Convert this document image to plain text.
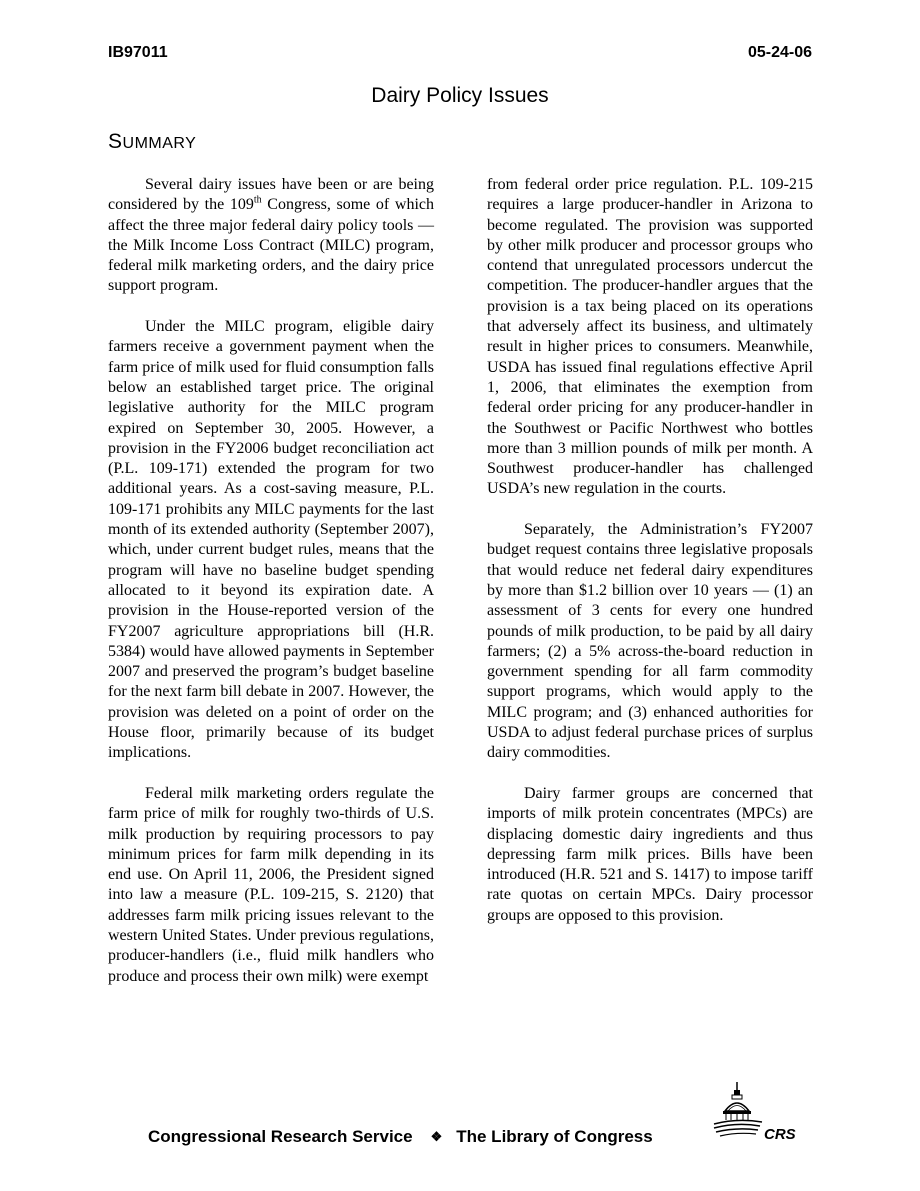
IB97011	05-24-06
Dairy Policy Issues
SUMMARY

Several dairy issues have been or are being considered by the 109th Congress, some of which affect the three major federal dairy policy tools — the Milk Income Loss Contract (MILC) program, federal milk marketing orders, and the dairy price support program.

Under the MILC program, eligible dairy farmers receive a government payment when the farm price of milk used for fluid consumption falls below an established target price. The original legislative authority for the MILC program expired on September 30, 2005. However, a provision in the FY2006 budget reconciliation act (P.L. 109-171) extended the program for two additional years. As a cost-saving measure, P.L. 109-171 prohibits any MILC payments for the last month of its extended authority (September 2007), which, under current budget rules, means that the program will have no baseline budget spending allocated to it beyond its expiration date. A provision in the House-reported version of the FY2007 agriculture appropriations bill (H.R. 5384) would have allowed payments in September 2007 and preserved the program’s budget baseline for the next farm bill debate in 2007. However, the provision was deleted on a point of order on the House floor, primarily because of its budget implications.

Federal milk marketing orders regulate the farm price of milk for roughly two-thirds of U.S. milk production by requiring processors to pay minimum prices for farm milk depending in its end use. On April 11, 2006, the President signed into law a measure (P.L. 109-215, S. 2120) that addresses farm milk pricing issues relevant to the western United States. Under previous regulations, producer-handlers (i.e., fluid milk handlers who produce and process their own milk) were exempt

from federal order price regulation. P.L. 109-215 requires a large producer-handler in Arizona to become regulated. The provision was supported by other milk producer and processor groups who contend that unregulated processors undercut the competition. The producer-handler argues that the provision is a tax being placed on its operations that adversely affect its business, and ultimately result in higher prices to consumers. Meanwhile, USDA has issued final regulations effective April 1, 2006, that eliminates the exemption from federal order pricing for any producer-handler in the Southwest or Pacific Northwest who bottles more than 3 million pounds of milk per month. A Southwest producer-handler has challenged USDA’s new regulation in the courts.

Separately, the Administration’s FY2007 budget request contains three legislative proposals that would reduce net federal dairy expenditures by more than $1.2 billion over 10 years — (1) an assessment of 3 cents for every one hundred pounds of milk production, to be paid by all dairy farmers; (2) a 5% across-the-board reduction in government spending for all farm commodity support programs, which would apply to the MILC program; and (3) enhanced authorities for USDA to adjust federal purchase prices of surplus dairy commodities.

Dairy farmer groups are concerned that imports of milk protein concentrates (MPCs) are displacing domestic dairy ingredients and thus depressing farm milk prices. Bills have been introduced (H.R. 521 and S. 1417) to impose tariff rate quotas on certain MPCs. Dairy processor groups are opposed to this provision.

Congressional Research Service ❖ The Library of Congress	CRS
